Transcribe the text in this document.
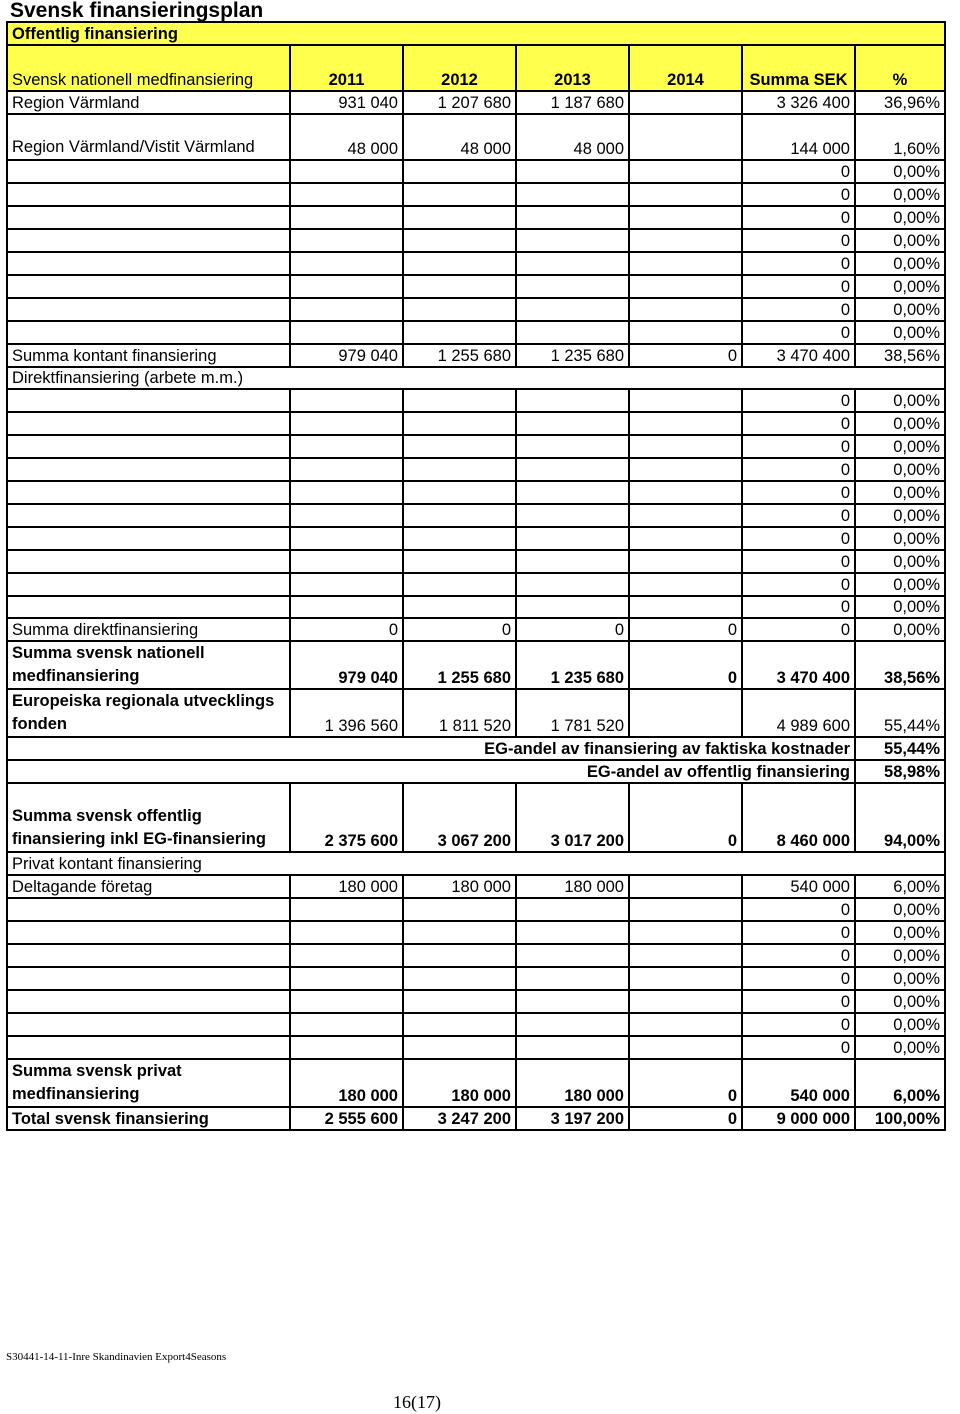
Svensk finansieringsplan
Offentlig finansiering						
Svensk nationell medfinansiering	2011	2012	2013	2014	Summa SEK	%
Region Värmland	931 040	1 207 680	1 187 680		3 326 400	36,96%
Region Värmland/Vistit Värmland	48 000	48 000	48 000		144 000	1,60%
					0	0,00%
					0	0,00%
					0	0,00%
					0	0,00%
					0	0,00%
					0	0,00%
					0	0,00%
					0	0,00%
Summa kontant finansiering	979 040	1 255 680	1 235 680	0	3 470 400	38,56%
Direktfinansiering (arbete m.m.)						
					0	0,00%
					0	0,00%
					0	0,00%
					0	0,00%
					0	0,00%
					0	0,00%
					0	0,00%
					0	0,00%
					0	0,00%
					0	0,00%
Summa direktfinansiering	0	0	0	0	0	0,00%
Summa svensk nationell medfinansiering	979 040	1 255 680	1 235 680	0	3 470 400	38,56%
Europeiska regionala utvecklings fonden	1 396 560	1 811 520	1 781 520		4 989 600	55,44%
EG-andel av finansiering av faktiska kostnader						55,44%
EG-andel av offentlig finansiering						58,98%
Summa svensk offentlig finansiering inkl EG-finansiering	2 375 600	3 067 200	3 017 200	0	8 460 000	94,00%
Privat kontant finansiering						
Deltagande företag	180 000	180 000	180 000		540 000	6,00%
					0	0,00%
					0	0,00%
					0	0,00%
					0	0,00%
					0	0,00%
					0	0,00%
					0	0,00%
Summa svensk privat medfinansiering	180 000	180 000	180 000	0	540 000	6,00%
Total svensk finansiering	2 555 600	3 247 200	3 197 200	0	9 000 000	100,00%
S30441-14-11-Inre Skandinavien Export4Seasons
16(17)
